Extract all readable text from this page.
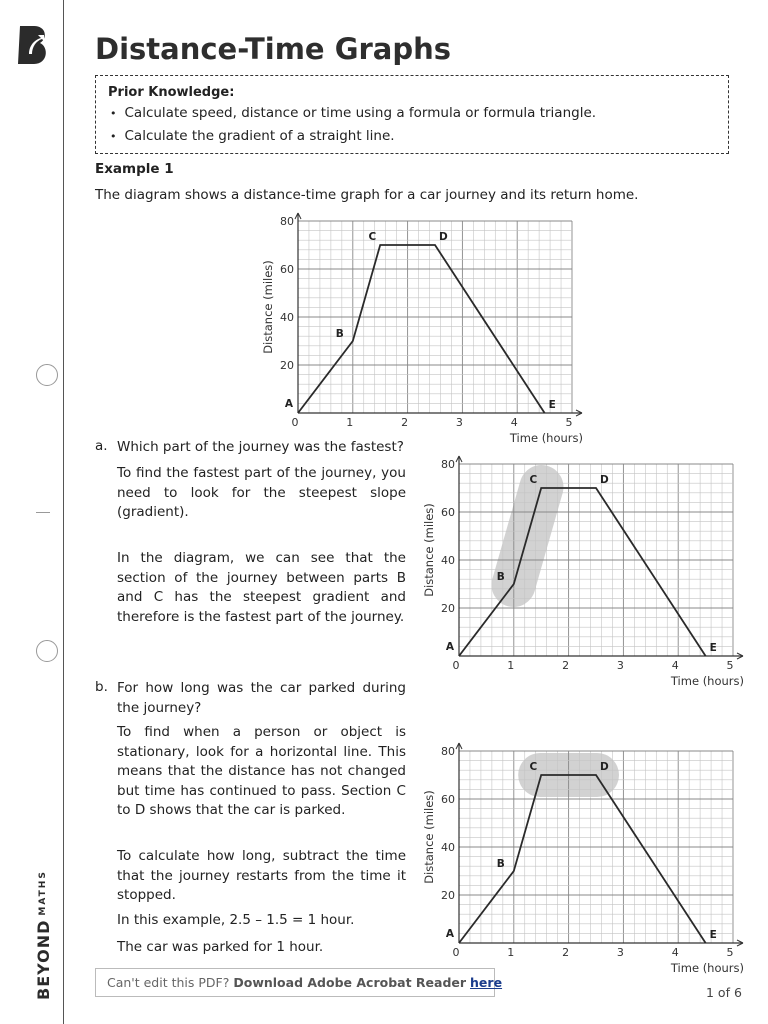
$BEYOND^{MATHS}$
Distance-Time Graphs
Prior Knowledge:
• Calculate speed, distance or time using a formula or formula triangle.
• Calculate the gradient of a straight line.
Example 1
The diagram shows a distance-time graph for a car journey and its return home.
0	1	2	3	4	5
20
40
60
80
Time (hours)
Distance (miles)
A
B
C	D
E
0	1	2	3	4	5
20
40
60
80
Time (hours)
Distance (miles)
A
B
C	D
E
0	1	2	3	4	5
20
40
60
80
Time (hours)
Distance (miles)
A
B
C	D
E
a. Which part of the journey was the fastest?
To find the fastest part of the journey, you need to look for the steepest slope (gradient).
In the diagram, we can see that the section of the journey between parts B and C has the steepest gradient and therefore is the fastest part of the journey.
b. For how long was the car parked during the journey?
To find when a person or object is stationary, look for a horizontal line. This means that the distance has not changed but time has continued to pass. Section C to D shows that the car is parked.
To calculate how long, subtract the time that the journey restarts from the time it stopped.
In this example, 2.5 – 1.5 = 1 hour.
The car was parked for 1 hour.
Can't edit this PDF? Download Adobe Acrobat Reader here
1 of 6
